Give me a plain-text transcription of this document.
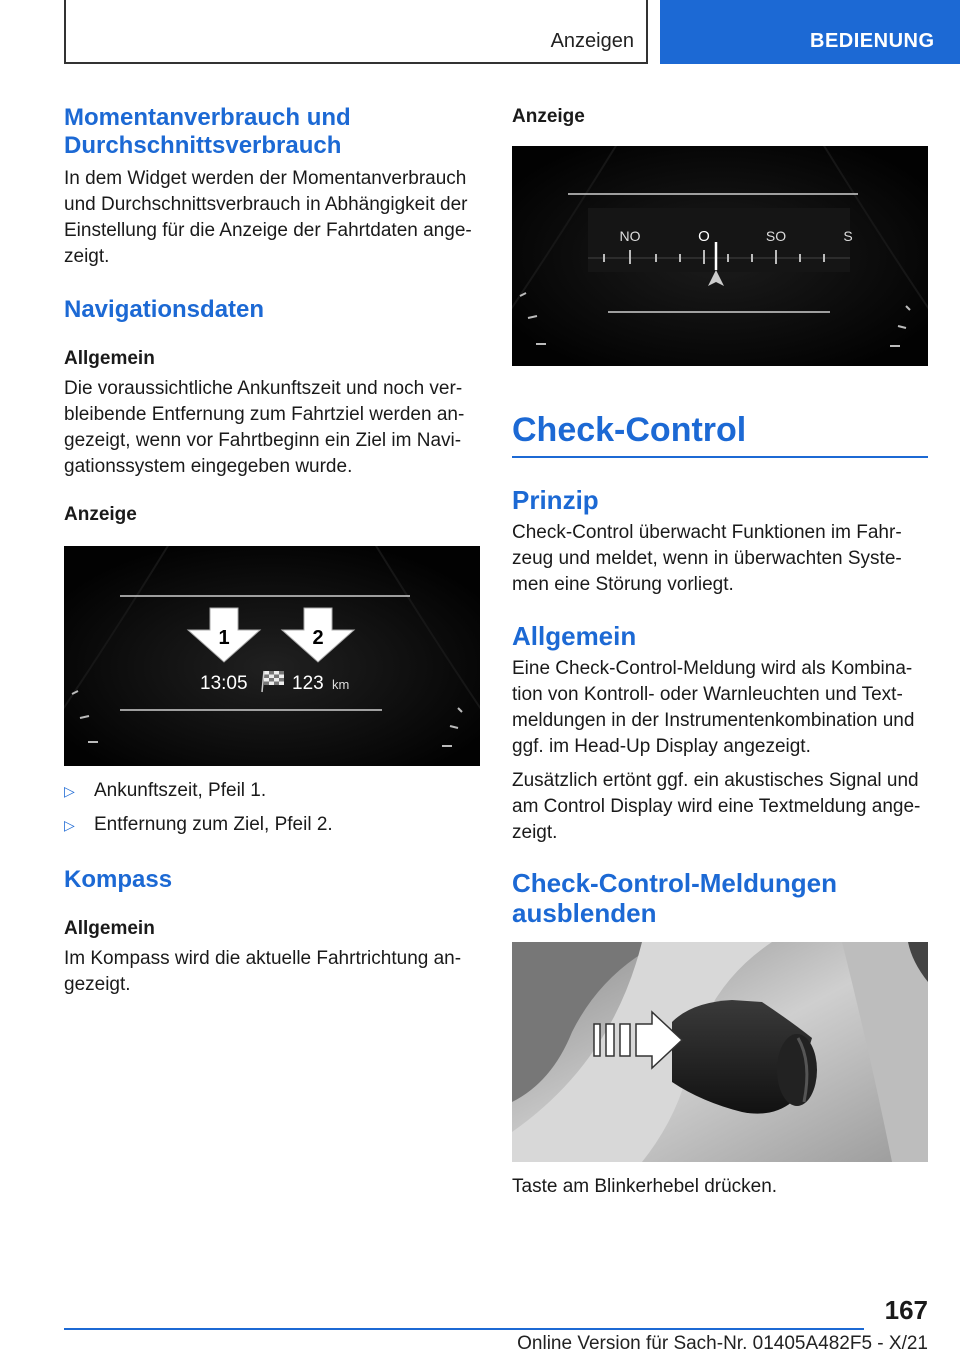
Anzeigen	BEDIENUNG
Momentanverbrauch und Durchschnittsverbrauch

In dem Widget werden der Momentanverbrauch und Durchschnittsverbrauch in Abhängigkeit der Einstellung für die Anzeige der Fahrtdaten angezeigt.

Navigationsdaten
Allgemein

Die voraussichtliche Ankunftszeit und noch verbleibende Entfernung zum Fahrtziel werden angezeigt, wenn vor Fahrtbeginn ein Ziel im Navigationssystem eingegeben wurde.

Anzeige
1	2
13:05 123 km
▷ Ankunftszeit, Pfeil 1.
▷ Entfernung zum Ziel, Pfeil 2.
Kompass
Allgemein

Im Kompass wird die aktuelle Fahrtrichtung angezeigt.

Anzeige
NO	O	SO	S
Check-Control
Prinzip

Check-Control überwacht Funktionen im Fahrzeug und meldet, wenn in überwachten Systemen eine Störung vorliegt.

Allgemein

Eine Check-Control-Meldung wird als Kombination von Kontroll- oder Warnleuchten und Textmeldungen in der Instrumentenkombination und ggf. im Head-Up Display angezeigt.

Zusätzlich ertönt ggf. ein akustisches Signal und am Control Display wird eine Textmeldung angezeigt.

Check-Control-Meldungen ausblenden

Taste am Blinkerhebel drücken.

167
Online Version für Sach-Nr. 01405A482F5 - X/21
